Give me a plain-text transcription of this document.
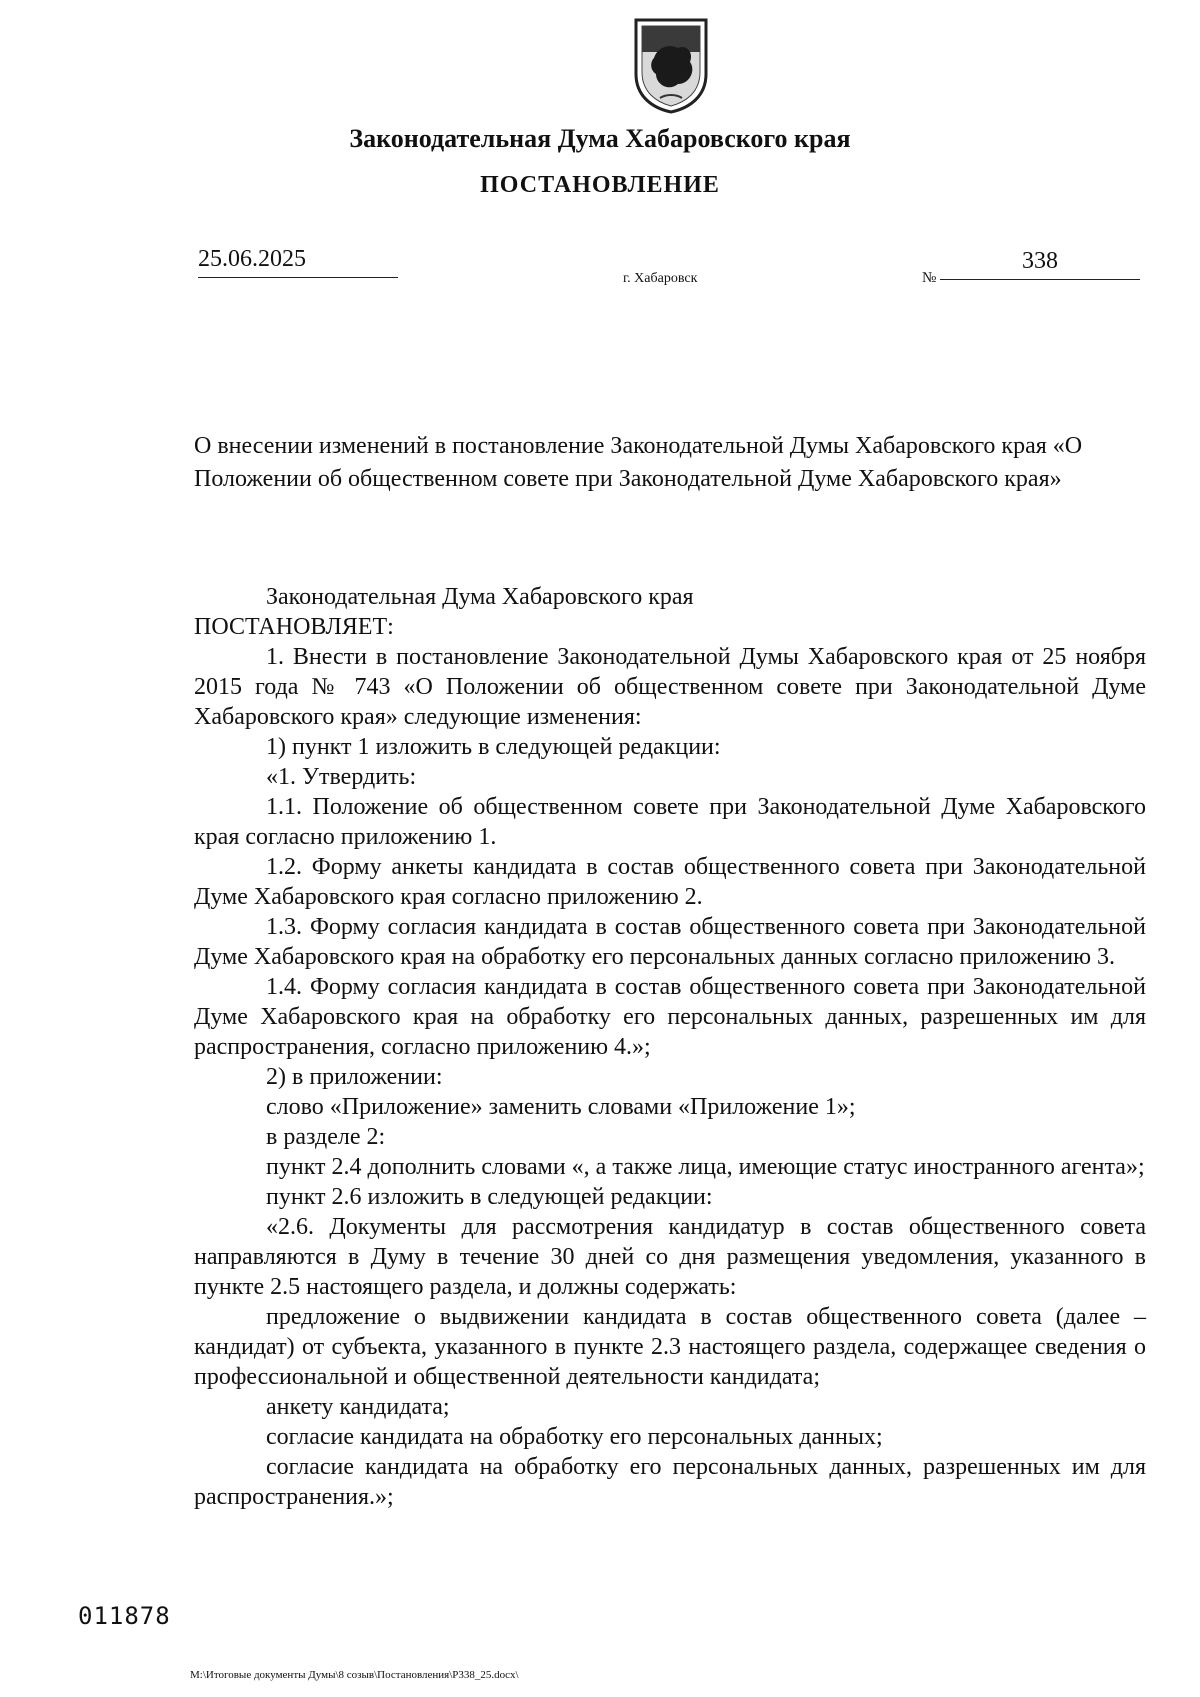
Законодательная Дума Хабаровского края
ПОСТАНОВЛЕНИЕ
25.06.2025
г. Хабаровск	№
338
О внесении изменений в постановление Законодательной Думы Хабаровского края «О Положении об общественном совете при Законодательной Думе Хабаровского края»

Законодательная Дума Хабаровского края

ПОСТАНОВЛЯЕТ:

1. Внести в постановление Законодательной Думы Хабаровского края от 25 ноября 2015 года № 743 «О Положении об общественном совете при Законодательной Думе Хабаровского края» следующие изменения:

1) пункт 1 изложить в следующей редакции:

«1. Утвердить:

1.1. Положение об общественном совете при Законодательной Думе Хабаровского края согласно приложению 1.

1.2. Форму анкеты кандидата в состав общественного совета при Законодательной Думе Хабаровского края согласно приложению 2.

1.3. Форму согласия кандидата в состав общественного совета при Законодательной Думе Хабаровского края на обработку его персональных данных согласно приложению 3.

1.4. Форму согласия кандидата в состав общественного совета при Законодательной Думе Хабаровского края на обработку его персональных данных, разрешенных им для распространения, согласно приложению 4.»;

2) в приложении:

слово «Приложение» заменить словами «Приложение 1»;

в разделе 2:

пункт 2.4 дополнить словами «, а также лица, имеющие статус иностранного агента»;

пункт 2.6 изложить в следующей редакции:

«2.6. Документы для рассмотрения кандидатур в состав общественного совета направляются в Думу в течение 30 дней со дня размещения уведомления, указанного в пункте 2.5 настоящего раздела, и должны содержать:

предложение о выдвижении кандидата в состав общественного совета (далее – кандидат) от субъекта, указанного в пункте 2.3 настоящего раздела, содержащее сведения о профессиональной и общественной деятельности кандидата;

анкету кандидата;

согласие кандидата на обработку его персональных данных;

согласие кандидата на обработку его персональных данных, разрешенных им для распространения.»;

011878
M:\Итоговые документы Думы\8 созыв\Постановления\P338_25.docx\
